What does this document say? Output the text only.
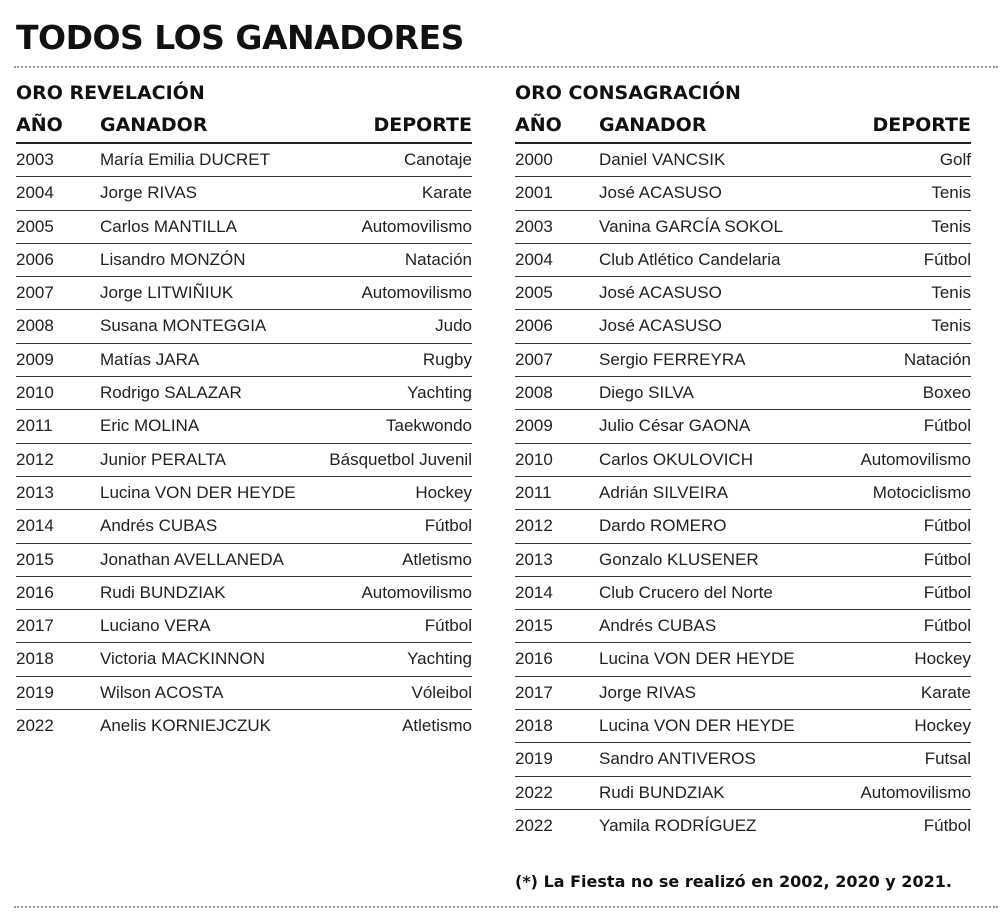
TODOS LOS GANADORES
ORO REVELACIÓN
AÑO	GANADOR	DEPORTE
2003	María Emilia DUCRET	Canotaje
2004	Jorge RIVAS	Karate
2005	Carlos MANTILLA	Automovilismo
2006	Lisandro MONZÓN	Natación
2007	Jorge LITWIÑIUK	Automovilismo
2008	Susana MONTEGGIA	Judo
2009	Matías JARA	Rugby
2010	Rodrigo SALAZAR	Yachting
2011	Eric MOLINA	Taekwondo
2012	Junior PERALTA	Básquetbol Juvenil
2013	Lucina VON DER HEYDE	Hockey
2014	Andrés CUBAS	Fútbol
2015	Jonathan AVELLANEDA	Atletismo
2016	Rudi BUNDZIAK	Automovilismo
2017	Luciano VERA	Fútbol
2018	Victoria MACKINNON	Yachting
2019	Wilson ACOSTA	Vóleibol
2022	Anelis KORNIEJCZUK	Atletismo
ORO CONSAGRACIÓN
AÑO	GANADOR	DEPORTE
2000	Daniel VANCSIK	Golf
2001	José ACASUSO	Tenis
2003	Vanina GARCÍA SOKOL	Tenis
2004	Club Atlético Candelaria	Fútbol
2005	José ACASUSO	Tenis
2006	José ACASUSO	Tenis
2007	Sergio FERREYRA	Natación
2008	Diego SILVA	Boxeo
2009	Julio César GAONA	Fútbol
2010	Carlos OKULOVICH	Automovilismo
2011	Adrián SILVEIRA	Motociclismo
2012	Dardo ROMERO	Fútbol
2013	Gonzalo KLUSENER	Fútbol
2014	Club Crucero del Norte	Fútbol
2015	Andrés CUBAS	Fútbol
2016	Lucina VON DER HEYDE	Hockey
2017	Jorge RIVAS	Karate
2018	Lucina VON DER HEYDE	Hockey
2019	Sandro ANTIVEROS	Futsal
2022	Rudi BUNDZIAK	Automovilismo
2022	Yamila RODRÍGUEZ	Fútbol
(*) La Fiesta no se realizó en 2002, 2020 y 2021.
